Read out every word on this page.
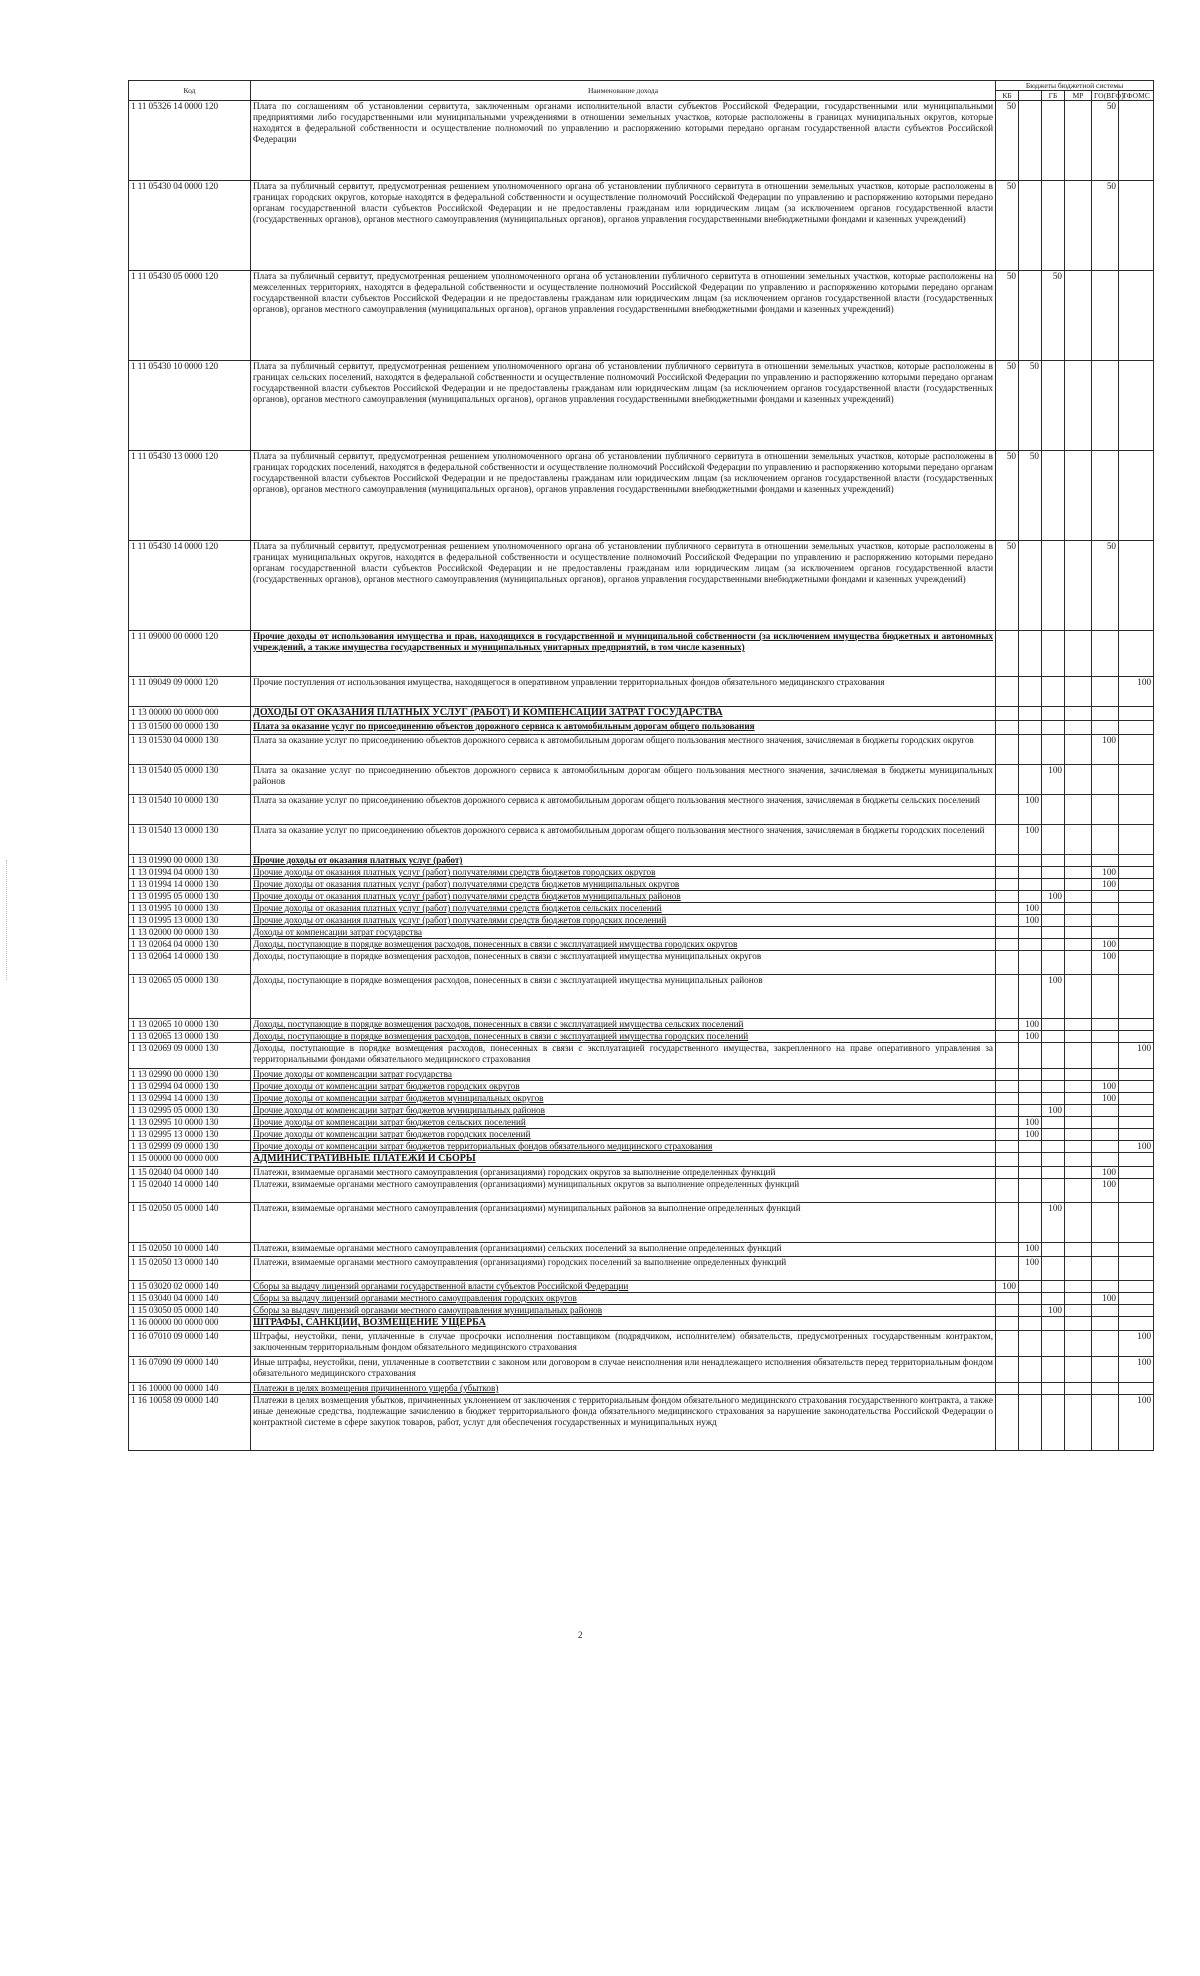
Код	Наименование дохода	Бюджеты бюджетной системы					
		КБ		ГБ	МР	ГО(ВГФ)	ТФОМС
1 11 05326 14 0000 120	Плата по соглашениям об установлении сервитута, заключенным органами исполнительной власти субъектов Российской Федерации, государственными или муниципальными предприятиями либо государственными или муниципальными учреждениями в отношении земельных участков, которые расположены в границах муниципальных округов, которые находятся в федеральной собственности и осуществление полномочий по управлению и распоряжению которыми передано органам государственной власти субъектов Российской Федерации	50				50	
1 11 05430 04 0000 120	Плата за публичный сервитут, предусмотренная решением уполномоченного органа об установлении публичного сервитута в отношении земельных участков, которые расположены в границах городских округов, которые находятся в федеральной собственности и осуществление полномочий Российской Федерации по управлению и распоряжению которыми передано органам государственной власти субъектов Российской Федерации и не предоставлены гражданам или юридическим лицам (за исключением органов государственной власти (государственных органов), органов местного самоуправления (муниципальных органов), органов управления государственными внебюджетными фондами и казенных учреждений)	50				50	
1 11 05430 05 0000 120	Плата за публичный сервитут, предусмотренная решением уполномоченного органа об установлении публичного сервитута в отношении земельных участков, которые расположены на межселенных территориях, находятся в федеральной собственности и осуществление полномочий Российской Федерации по управлению и распоряжению которыми передано органам государственной власти субъектов Российской Федерации и не предоставлены гражданам или юридическим лицам (за исключением органов государственной власти (государственных органов), органов местного самоуправления (муниципальных органов), органов управления государственными внебюджетными фондами и казенных учреждений)	50		50			
1 11 05430 10 0000 120	Плата за публичный сервитут, предусмотренная решением уполномоченного органа об установлении публичного сервитута в отношении земельных участков, которые расположены в границах сельских поселений, находятся в федеральной собственности и осуществление полномочий Российской Федерации по управлению и распоряжению которыми передано органам государственной власти субъектов Российской Федерации и не предоставлены гражданам или юридическим лицам (за исключением органов государственной власти (государственных органов), органов местного самоуправления (муниципальных органов), органов управления государственными внебюджетными фондами и казенных учреждений)	50	50				
1 11 05430 13 0000 120	Плата за публичный сервитут, предусмотренная решением уполномоченного органа об установлении публичного сервитута в отношении земельных участков, которые расположены в границах городских поселений, находятся в федеральной собственности и осуществление полномочий Российской Федерации по управлению и распоряжению которыми передано органам государственной власти субъектов Российской Федерации и не предоставлены гражданам или юридическим лицам (за исключением органов государственной власти (государственных органов), органов местного самоуправления (муниципальных органов), органов управления государственными внебюджетными фондами и казенных учреждений)	50	50				
1 11 05430 14 0000 120	Плата за публичный сервитут, предусмотренная решением уполномоченного органа об установлении публичного сервитута в отношении земельных участков, которые расположены в границах муниципальных округов, находятся в федеральной собственности и осуществление полномочий Российской Федерации по управлению и распоряжению которыми передано органам государственной власти субъектов Российской Федерации и не предоставлены гражданам или юридическим лицам (за исключением органов государственной власти (государственных органов), органов местного самоуправления (муниципальных органов), органов управления государственными внебюджетными фондами и казенных учреждений)	50				50	
1 11 09000 00 0000 120	Прочие доходы от использования имущества и прав, находящихся в государственной и муниципальной собственности (за исключением имущества бюджетных и автономных учреждений, а также имущества государственных и муниципальных унитарных предприятий, в том числе казенных)						
1 11 09049 09 0000 120	Прочие поступления от использования имущества, находящегося в оперативном управлении территориальных фондов обязательного медицинского страхования						100
1 13 00000 00 0000 000	ДОХОДЫ ОТ ОКАЗАНИЯ ПЛАТНЫХ УСЛУГ (РАБОТ) И КОМПЕНСАЦИИ ЗАТРАТ ГОСУДАРСТВА						
1 13 01500 00 0000 130	Плата за оказание услуг по присоединению объектов дорожного сервиса к автомобильным дорогам общего пользования						
1 13 01530 04 0000 130	Плата за оказание услуг по присоединению объектов дорожного сервиса к автомобильным дорогам общего пользования местного значения, зачисляемая в бюджеты городских округов					100	
1 13 01540 05 0000 130	Плата за оказание услуг по присоединению объектов дорожного сервиса к автомобильным дорогам общего пользования местного значения, зачисляемая в бюджеты муниципальных районов			100			
1 13 01540 10 0000 130	Плата за оказание услуг по присоединению объектов дорожного сервиса к автомобильным дорогам общего пользования местного значения, зачисляемая в бюджеты сельских поселений		100				
1 13 01540 13 0000 130	Плата за оказание услуг по присоединению объектов дорожного сервиса к автомобильным дорогам общего пользования местного значения, зачисляемая в бюджеты городских поселений		100				
1 13 01990 00 0000 130	Прочие доходы от оказания платных услуг (работ)						
1 13 01994 04 0000 130	Прочие доходы от оказания платных услуг (работ) получателями средств бюджетов городских округов					100	
1 13 01994 14 0000 130	Прочие доходы от оказания платных услуг (работ) получателями средств бюджетов муниципальных округов					100	
1 13 01995 05 0000 130	Прочие доходы от оказания платных услуг (работ) получателями средств бюджетов муниципальных районов			100			
1 13 01995 10 0000 130	Прочие доходы от оказания платных услуг (работ) получателями средств бюджетов сельских поселений		100				
1 13 01995 13 0000 130	Прочие доходы от оказания платных услуг (работ) получателями средств бюджетов городских поселений		100				
1 13 02000 00 0000 130	Доходы от компенсации затрат государства						
1 13 02064 04 0000 130	Доходы, поступающие в порядке возмещения расходов, понесенных в связи с эксплуатацией имущества городских округов					100	
1 13 02064 14 0000 130	Доходы, поступающие в порядке возмещения расходов, понесенных в связи с эксплуатацией имущества муниципальных округов					100	
1 13 02065 05 0000 130	Доходы, поступающие в порядке возмещения расходов, понесенных в связи с эксплуатацией имущества муниципальных районов			100			
1 13 02065 10 0000 130	Доходы, поступающие в порядке возмещения расходов, понесенных в связи с эксплуатацией имущества сельских поселений		100				
1 13 02065 13 0000 130	Доходы, поступающие в порядке возмещения расходов, понесенных в связи с эксплуатацией имущества городских поселений		100				
1 13 02069 09 0000 130	Доходы, поступающие в порядке возмещения расходов, понесенных в связи с эксплуатацией государственного имущества, закрепленного на праве оперативного управления за территориальными фондами обязательного медицинского страхования						100
1 13 02990 00 0000 130	Прочие доходы от компенсации затрат государства						
1 13 02994 04 0000 130	Прочие доходы от компенсации затрат бюджетов городских округов					100	
1 13 02994 14 0000 130	Прочие доходы от компенсации затрат бюджетов муниципальных округов					100	
1 13 02995 05 0000 130	Прочие доходы от компенсации затрат бюджетов муниципальных районов			100			
1 13 02995 10 0000 130	Прочие доходы от компенсации затрат бюджетов сельских поселений		100				
1 13 02995 13 0000 130	Прочие доходы от компенсации затрат бюджетов городских поселений		100				
1 13 02999 09 0000 130	Прочие доходы от компенсации затрат бюджетов территориальных фондов обязательного медицинского страхования						100
1 15 00000 00 0000 000	АДМИНИСТРАТИВНЫЕ ПЛАТЕЖИ И СБОРЫ						
1 15 02040 04 0000 140	Платежи, взимаемые органами местного самоуправления (организациями) городских округов за выполнение определенных функций					100	
1 15 02040 14 0000 140	Платежи, взимаемые органами местного самоуправления (организациями) муниципальных округов за выполнение определенных функций					100	
1 15 02050 05 0000 140	Платежи, взимаемые органами местного самоуправления (организациями) муниципальных районов за выполнение определенных функций			100			
1 15 02050 10 0000 140	Платежи, взимаемые органами местного самоуправления (организациями) сельских поселений за выполнение определенных функций		100				
1 15 02050 13 0000 140	Платежи, взимаемые органами местного самоуправления (организациями) городских поселений за выполнение определенных функций		100				
1 15 03020 02 0000 140	Сборы за выдачу лицензий органами государственной власти субъектов Российской Федерации	100					
1 15 03040 04 0000 140	Сборы за выдачу лицензий органами местного самоуправления городских округов					100	
1 15 03050 05 0000 140	Сборы за выдачу лицензий органами местного самоуправления муниципальных районов			100			
1 16 00000 00 0000 000	ШТРАФЫ, САНКЦИИ, ВОЗМЕЩЕНИЕ УЩЕРБА						
1 16 07010 09 0000 140	Штрафы, неустойки, пени, уплаченные в случае просрочки исполнения поставщиком (подрядчиком, исполнителем) обязательств, предусмотренных государственным контрактом, заключенным территориальным фондом обязательного медицинского страхования						100
1 16 07090 09 0000 140	Иные штрафы, неустойки, пени, уплаченные в соответствии с законом или договором в случае неисполнения или ненадлежащего исполнения обязательств перед территориальным фондом обязательного медицинского страхования						100
1 16 10000 00 0000 140	Платежи в целях возмещения причиненного ущерба (убытков)						
1 16 10058 09 0000 140	Платежи в целях возмещения убытков, причиненных уклонением от заключения с территориальным фондом обязательного медицинского страхования государственного контракта, а также иные денежные средства, подлежащие зачислению в бюджет территориального фонда обязательного медицинского страхования за нарушение законодательства Российской Федерации о контрактной системе в сфере закупок товаров, работ, услуг для обеспечения государственных и муниципальных нужд						100
2
